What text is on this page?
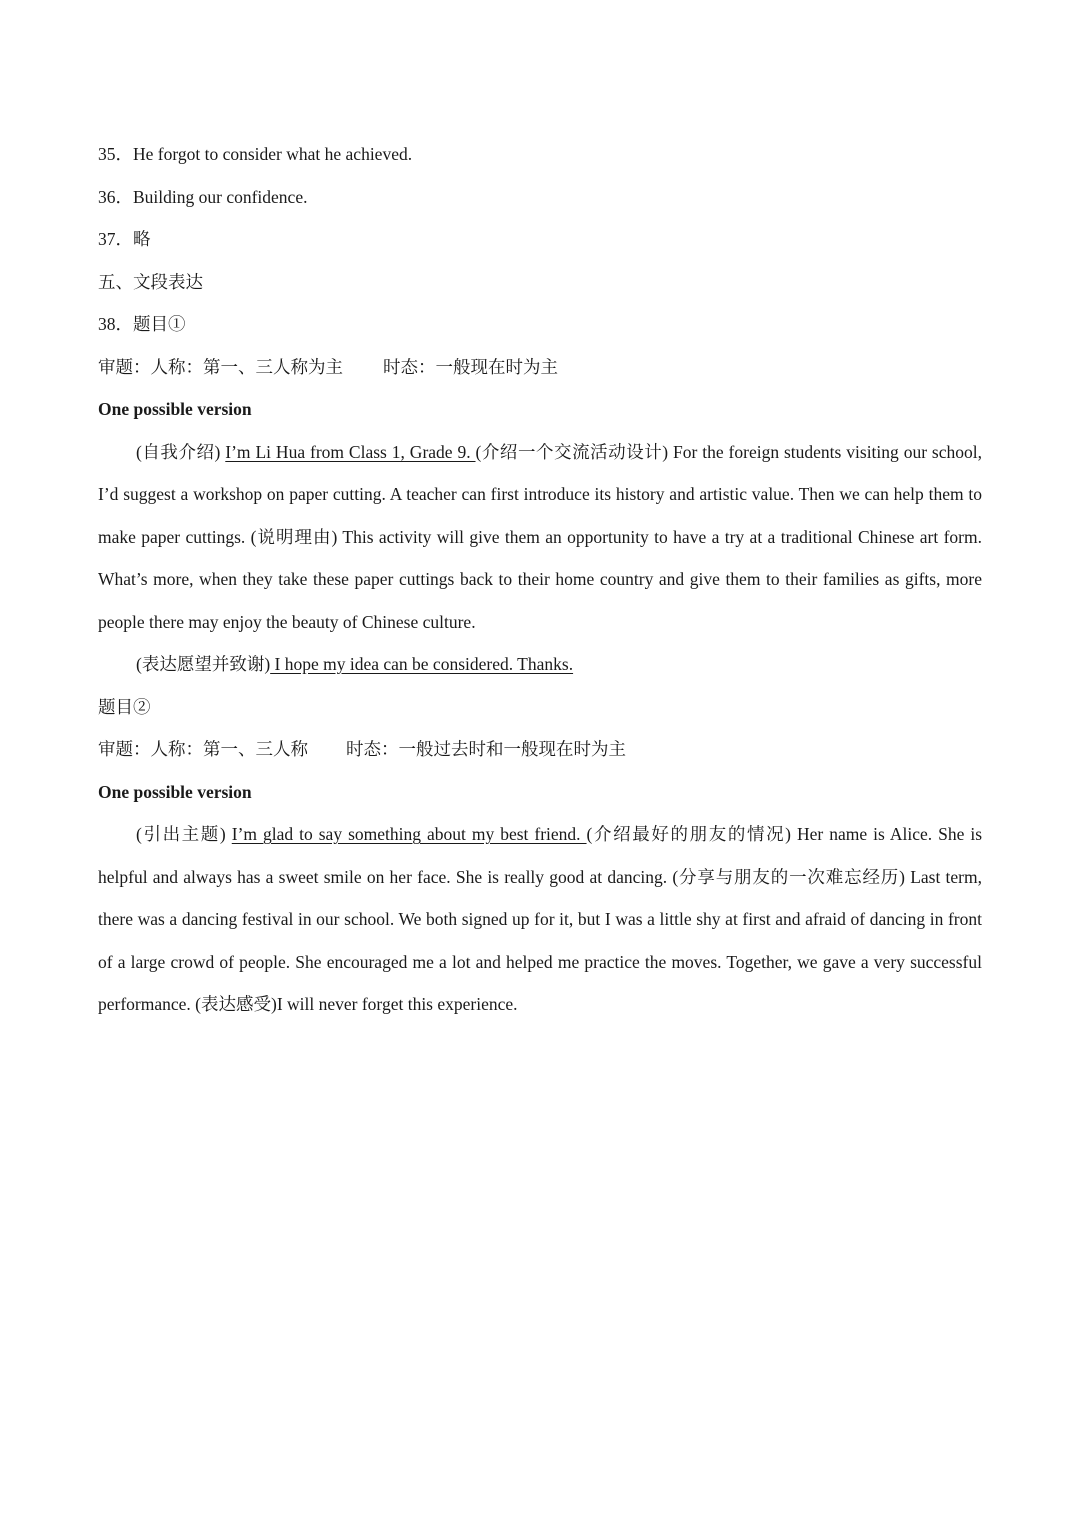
35．He forgot to consider what he achieved.
36．Building our confidence.
37．略
五、文段表达
38．题目①
审题：人称：第一、三人称为主 时态：一般现在时为主
One possible version

(自我介绍) I’m Li Hua from Class 1, Grade 9. (介绍一个交流活动设计) For the foreign students visiting our school, I’d suggest a workshop on paper cutting. A teacher can first introduce its history and artistic value. Then we can help them to make paper cuttings. (说明理由) This activity will give them an opportunity to have a try at a traditional Chinese art form. What’s more, when they take these paper cuttings back to their home country and give them to their families as gifts, more people there may enjoy the beauty of Chinese culture.

(表达愿望并致谢) I hope my idea can be considered. Thanks.

题目②
审题：人称：第一、三人称 时态：一般过去时和一般现在时为主
One possible version

(引出主题) I’m glad to say something about my best friend. (介绍最好的朋友的情况) Her name is Alice. She is helpful and always has a sweet smile on her face. She is really good at dancing. (分享与朋友的一次难忘经历) Last term, there was a dancing festival in our school. We both signed up for it, but I was a little shy at first and afraid of dancing in front of a large crowd of people. She encouraged me a lot and helped me practice the moves. Together, we gave a very successful performance. (表达感受)I will never forget this experience.
